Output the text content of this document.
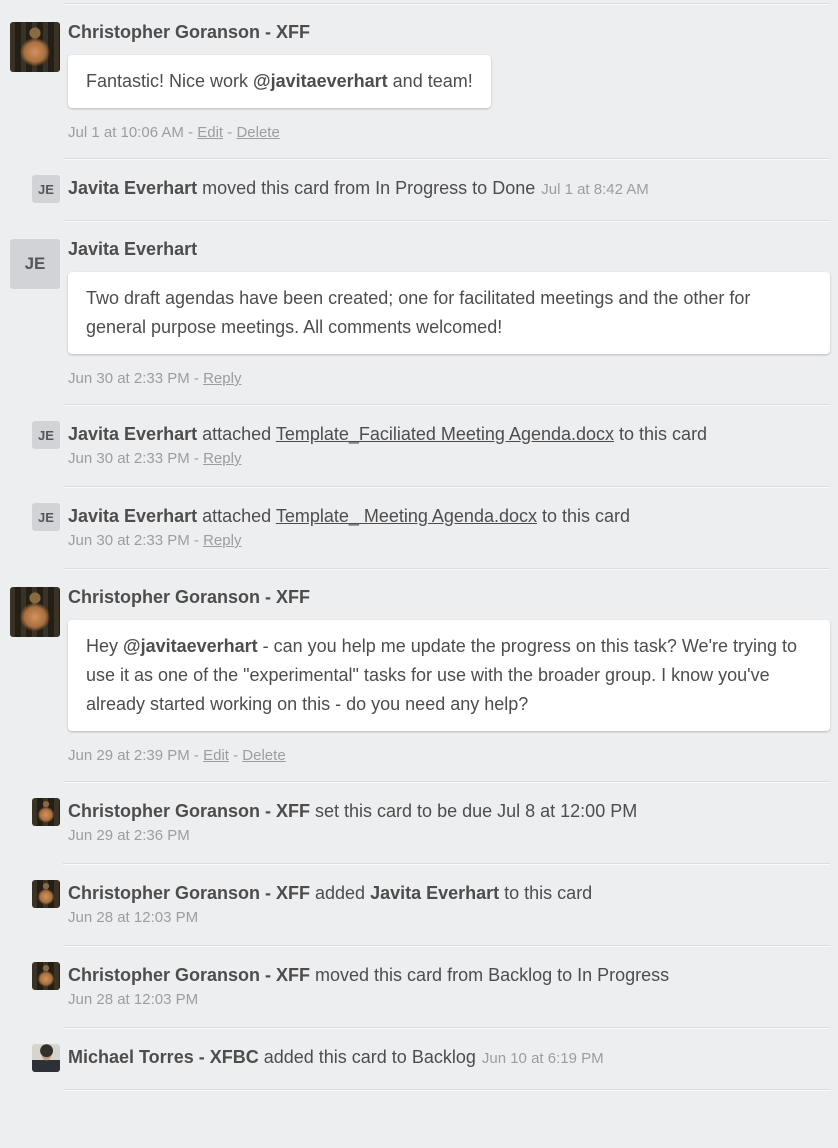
Christopher Goranson - XFF
Fantastic! Nice work @javitaeverhart and team!
Jul 1 at 10:06 AM - Edit - Delete
JE Javita Everhart moved this card from In Progress to Done Jul 1 at 8:42 AM
JE
Javita Everhart
Two draft agendas have been created; one for facilitated meetings and the other for general purpose meetings. All comments welcomed!
Jun 30 at 2:33 PM - Reply
JE Javita Everhart attached Template_Faciliated Meeting Agenda.docx to this card
Jun 30 at 2:33 PM - Reply
JE Javita Everhart attached Template_ Meeting Agenda.docx to this card
Jun 30 at 2:33 PM - Reply
Christopher Goranson - XFF
Hey @javitaeverhart - can you help me update the progress on this task? We're trying to use it as one of the "experimental" tasks for use with the broader group. I know you've already started working on this - do you need any help?
Jun 29 at 2:39 PM - Edit - Delete
Christopher Goranson - XFF set this card to be due Jul 8 at 12:00 PM
Jun 29 at 2:36 PM
Christopher Goranson - XFF added Javita Everhart to this card
Jun 28 at 12:03 PM
Christopher Goranson - XFF moved this card from Backlog to In Progress
Jun 28 at 12:03 PM
Michael Torres - XFBC added this card to Backlog Jun 10 at 6:19 PM
